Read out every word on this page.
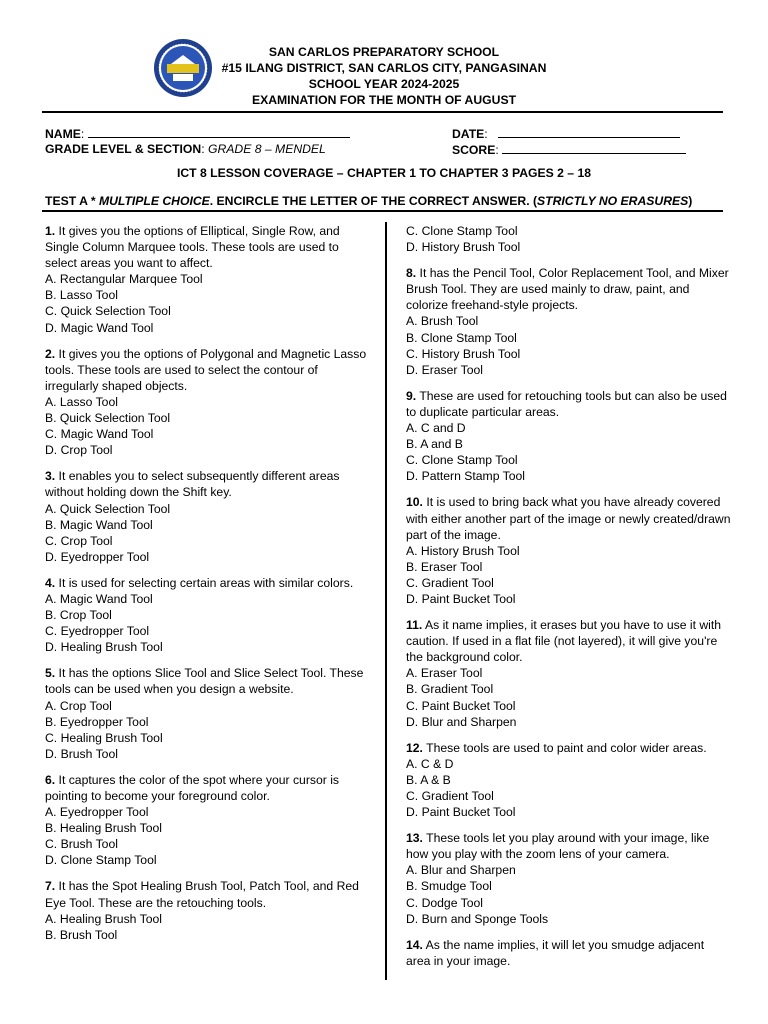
SAN CARLOS PREPARATORY SCHOOL
#15 ILANG DISTRICT, SAN CARLOS CITY, PANGASINAN
SCHOOL YEAR 2024-2025
EXAMINATION FOR THE MONTH OF AUGUST
NAME:	DATE:
GRADE LEVEL & SECTION: GRADE 8 – MENDEL	SCORE:
ICT 8 LESSON COVERAGE – CHAPTER 1 TO CHAPTER 3 PAGES 2 – 18
TEST A * MULTIPLE CHOICE. ENCIRCLE THE LETTER OF THE CORRECT ANSWER. (STRICTLY NO ERASURES)

1. It gives you the options of Elliptical, Single Row, and Single Column Marquee tools. These tools are used to select areas you want to affect.

A. Rectangular Marquee Tool

B. Lasso Tool

C. Quick Selection Tool

D. Magic Wand Tool

2. It gives you the options of Polygonal and Magnetic Lasso tools. These tools are used to select the contour of irregularly shaped objects.

A. Lasso Tool

B. Quick Selection Tool

C. Magic Wand Tool

D. Crop Tool

3. It enables you to select subsequently different areas without holding down the Shift key.

A. Quick Selection Tool

B. Magic Wand Tool

C. Crop Tool

D. Eyedropper Tool

4. It is used for selecting certain areas with similar colors.

A. Magic Wand Tool

B. Crop Tool

C. Eyedropper Tool

D. Healing Brush Tool

5. It has the options Slice Tool and Slice Select Tool. These tools can be used when you design a website.

A. Crop Tool

B. Eyedropper Tool

C. Healing Brush Tool

D. Brush Tool

6. It captures the color of the spot where your cursor is pointing to become your foreground color.

A. Eyedropper Tool

B. Healing Brush Tool

C. Brush Tool

D. Clone Stamp Tool

7. It has the Spot Healing Brush Tool, Patch Tool, and Red Eye Tool. These are the retouching tools.

A. Healing Brush Tool

B. Brush Tool

C. Clone Stamp Tool

D. History Brush Tool

8. It has the Pencil Tool, Color Replacement Tool, and Mixer Brush Tool. They are used mainly to draw, paint, and colorize freehand-style projects.

A. Brush Tool

B. Clone Stamp Tool

C. History Brush Tool

D. Eraser Tool

9. These are used for retouching tools but can also be used to duplicate particular areas.

A. C and D

B. A and B

C. Clone Stamp Tool

D. Pattern Stamp Tool

10. It is used to bring back what you have already covered with either another part of the image or newly created/drawn part of the image.

A. History Brush Tool

B. Eraser Tool

C. Gradient Tool

D. Paint Bucket Tool

11. As it name implies, it erases but you have to use it with caution. If used in a flat file (not layered), it will give you're the background color.

A. Eraser Tool

B. Gradient Tool

C. Paint Bucket Tool

D. Blur and Sharpen

12. These tools are used to paint and color wider areas.

A. C & D

B. A & B

C. Gradient Tool

D. Paint Bucket Tool

13. These tools let you play around with your image, like how you play with the zoom lens of your camera.

A. Blur and Sharpen

B. Smudge Tool

C. Dodge Tool

D. Burn and Sponge Tools

14. As the name implies, it will let you smudge adjacent area in your image.
